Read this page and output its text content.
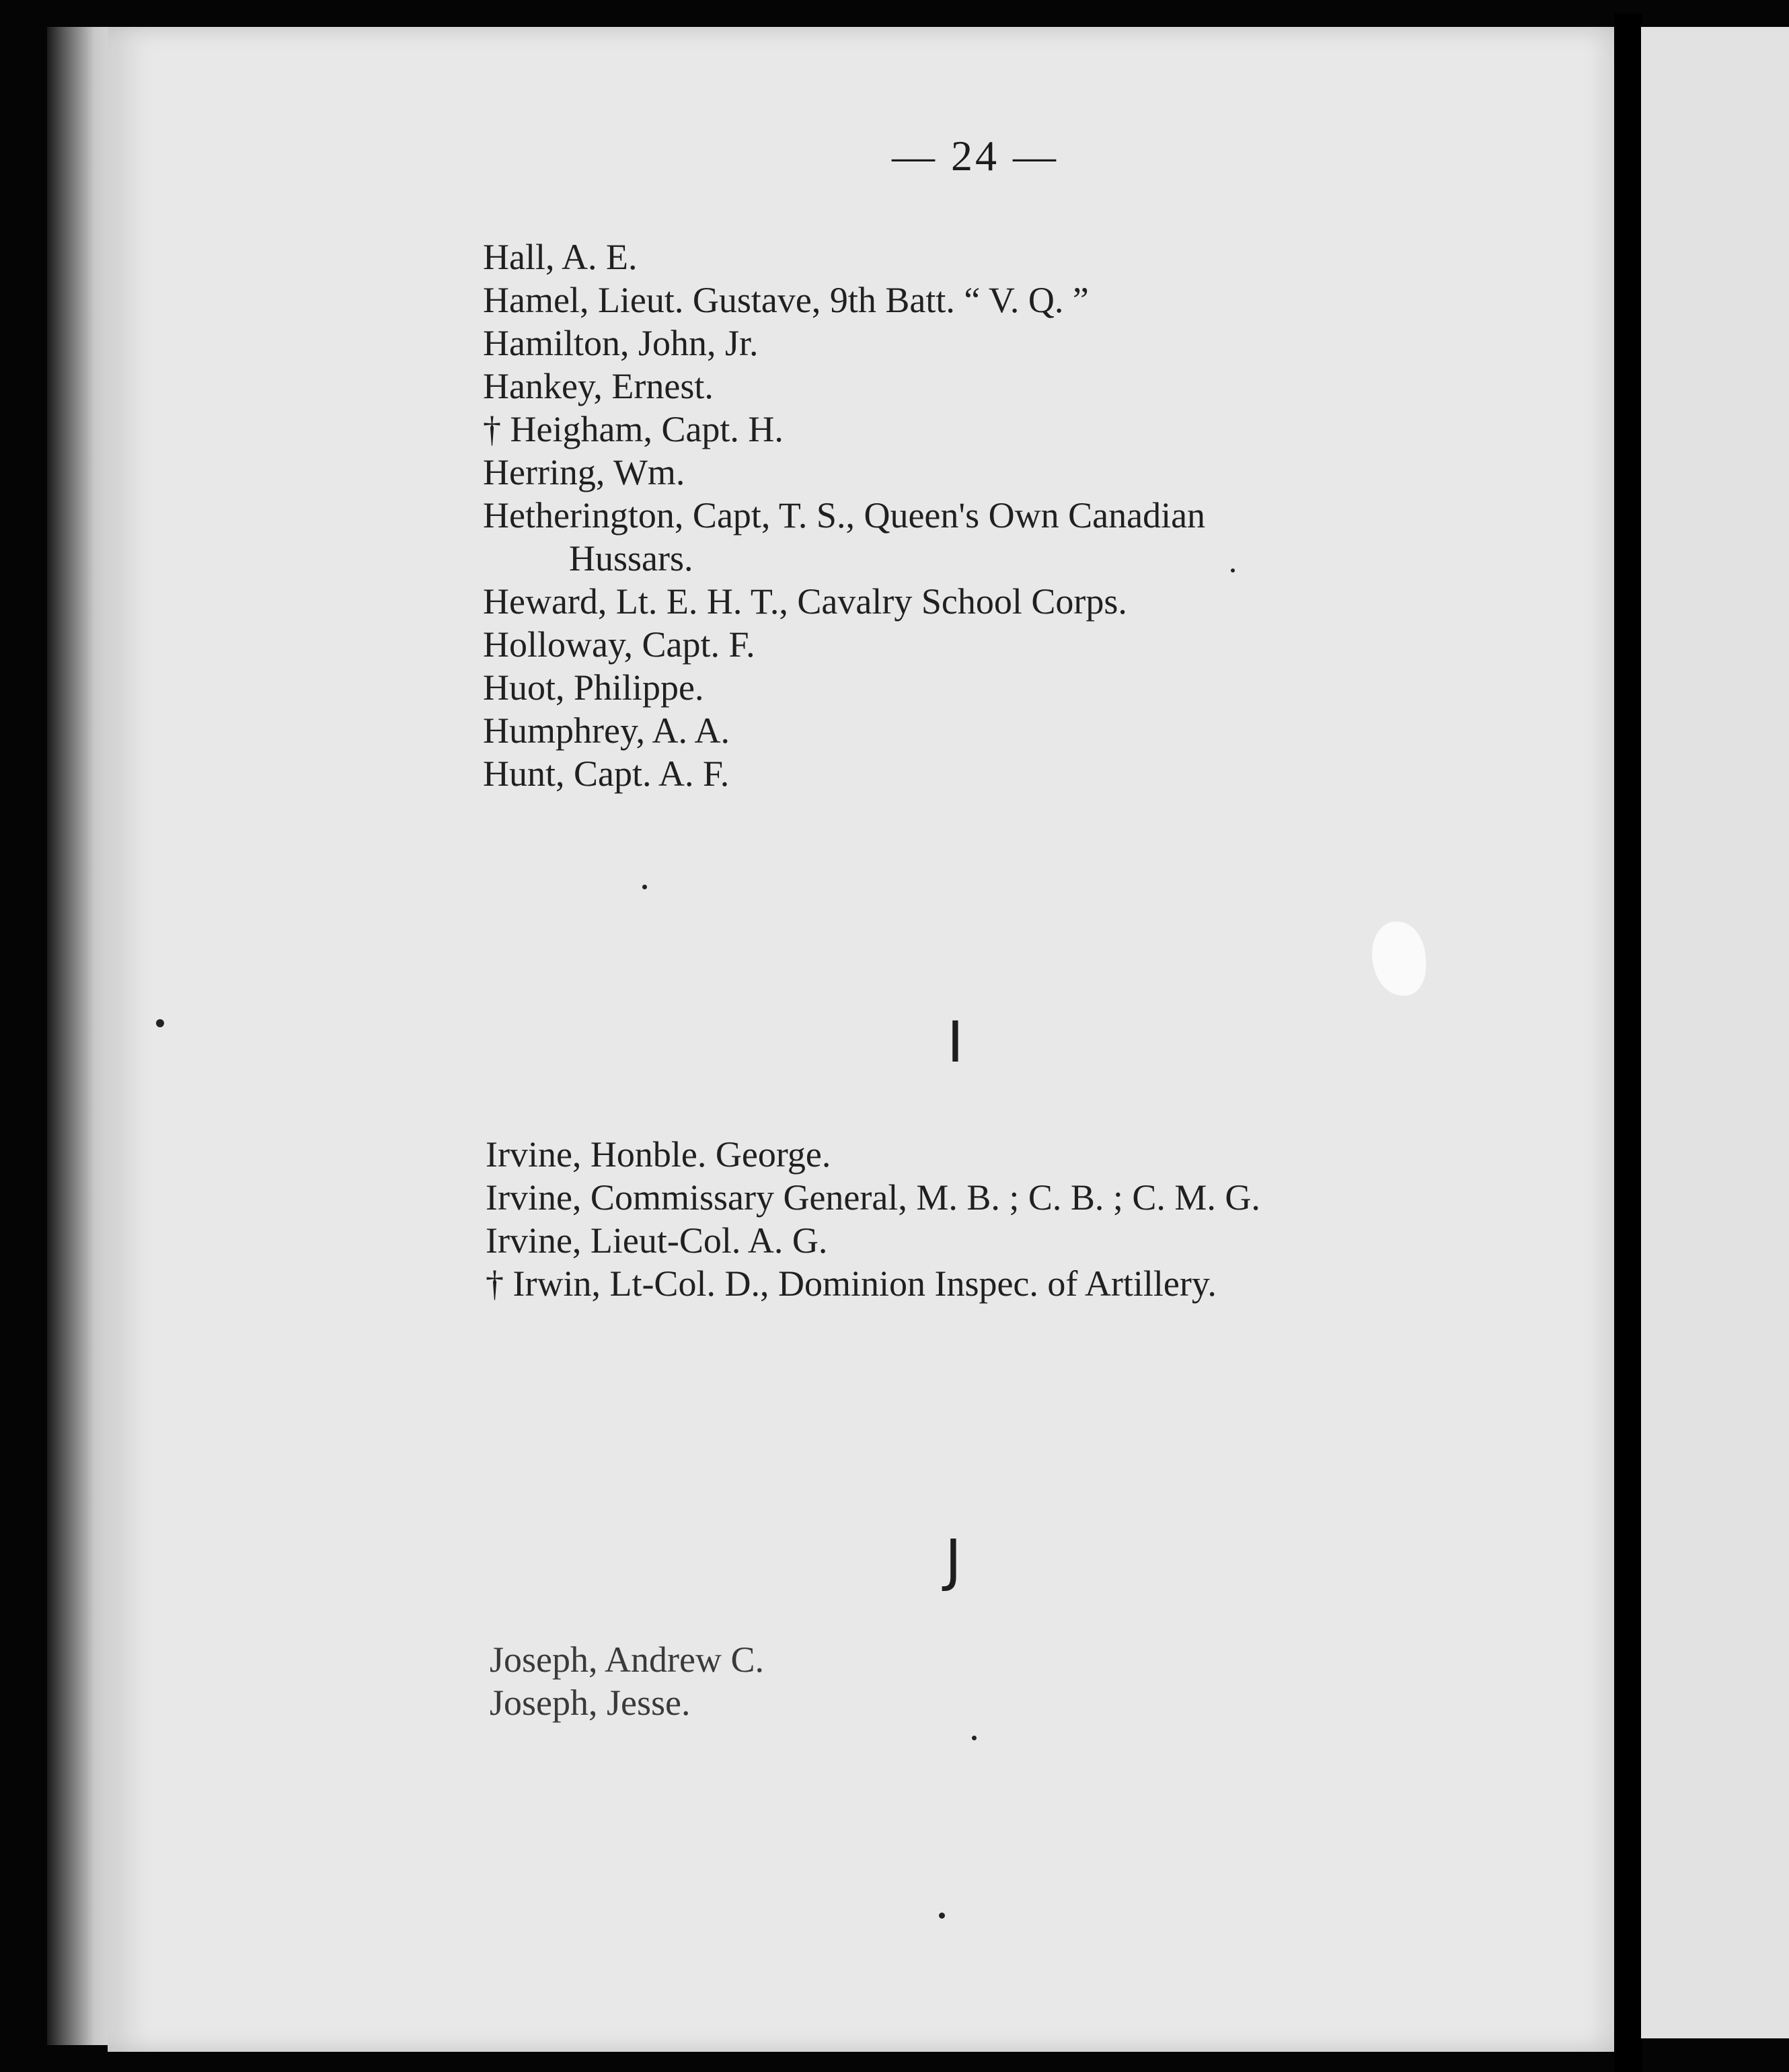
— 24 —
Hall, A. E.
Hamel, Lieut. Gustave, 9th Batt. “ V. Q. ”
Hamilton, John, Jr.
Hankey, Ernest.
† Heigham, Capt. H.
Herring, Wm.
Hetherington, Capt, T. S., Queen's Own Canadian
Hussars.
Heward, Lt. E. H. T., Cavalry School Corps.
Holloway, Capt. F.
Huot, Philippe.
Humphrey, A. A.
Hunt, Capt. A. F.
I
Irvine, Honble. George.
Irvine, Commissary General, M. B. ; C. B. ; C. M. G.
Irvine, Lieut-Col. A. G.
† Irwin, Lt-Col. D., Dominion Inspec. of Artillery.
J
Joseph, Andrew C.
Joseph, Jesse.
